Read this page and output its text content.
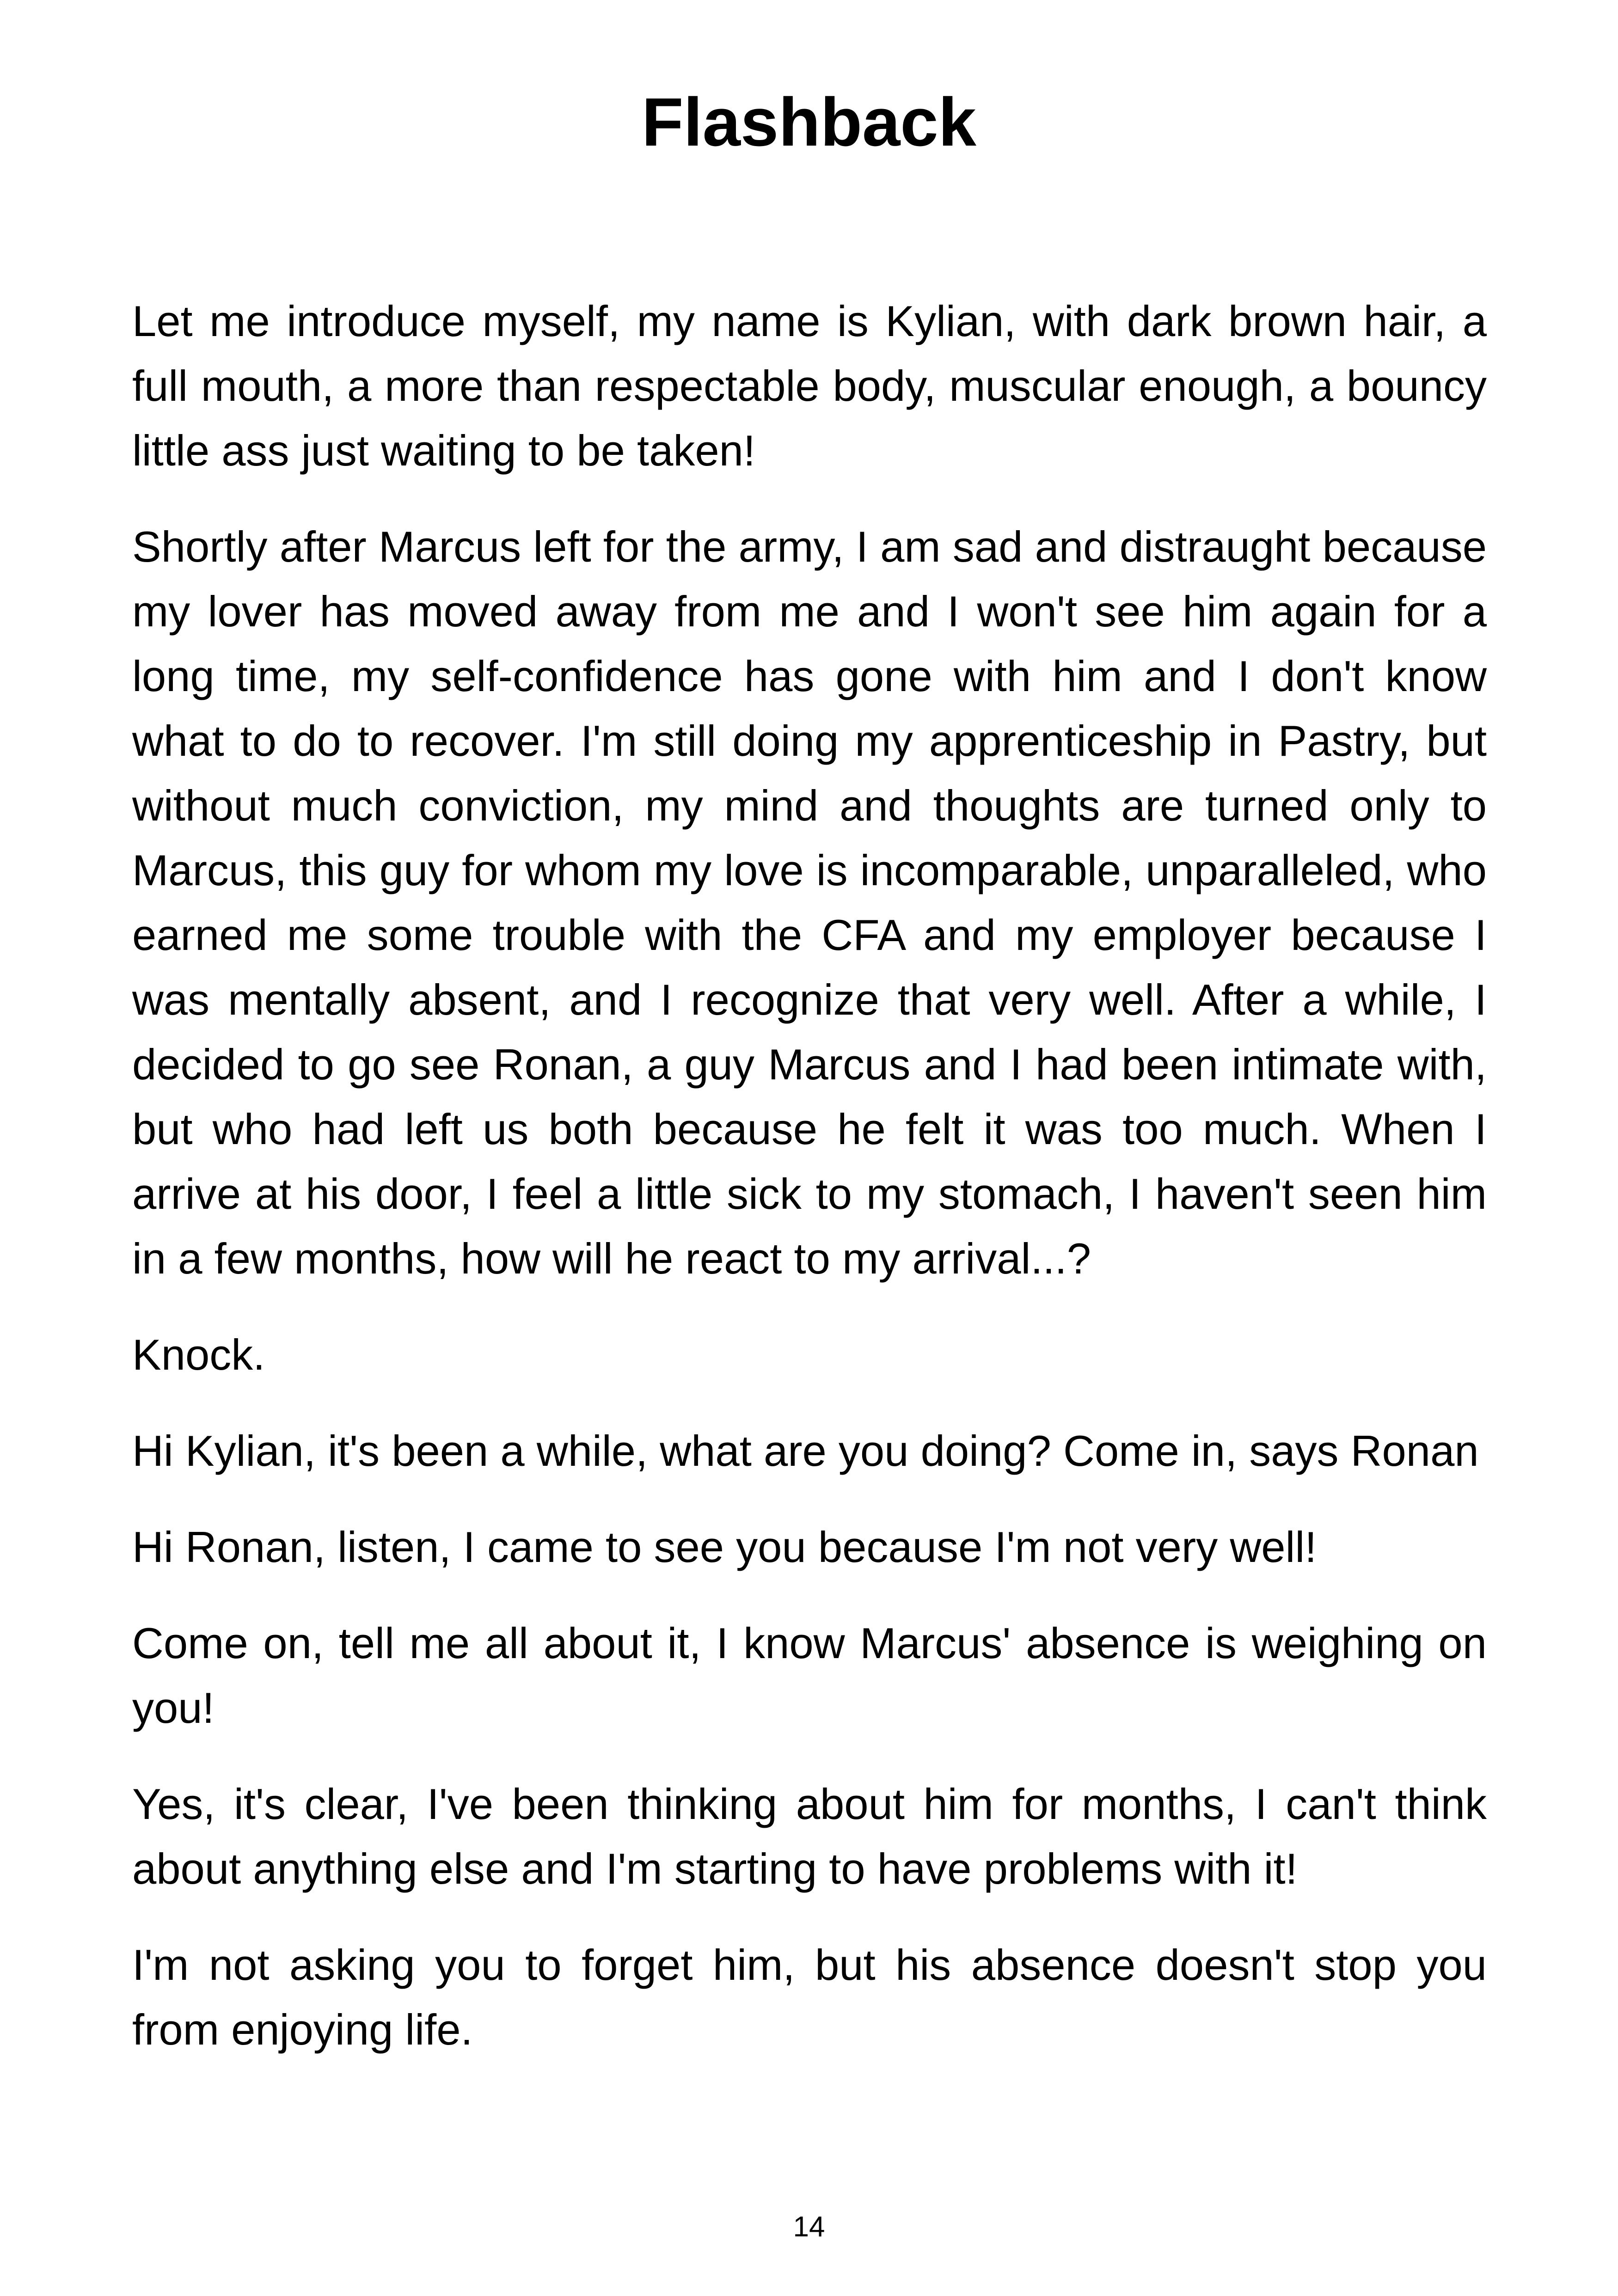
Flashback

Let me introduce myself, my name is Kylian, with dark brown hair, a full mouth, a more than respectable body, muscular enough, a bouncy little ass just waiting to be taken!

Shortly after Marcus left for the army, I am sad and distraught because my lover has moved away from me and I won't see him again for a long time, my self-confidence has gone with him and I don't know what to do to recover. I'm still doing my apprenticeship in Pastry, but without much conviction, my mind and thoughts are turned only to Marcus, this guy for whom my love is incomparable, unparalleled, who earned me some trouble with the CFA and my employer because I was mentally absent, and I recognize that very well. After a while, I decided to go see Ronan, a guy Marcus and I had been intimate with, but who had left us both because he felt it was too much. When I arrive at his door, I feel a little sick to my stomach, I haven't seen him in a few months, how will he react to my arrival...?

Knock.

Hi Kylian, it's been a while, what are you doing? Come in, says Ronan

Hi Ronan, listen, I came to see you because I'm not very well!

Come on, tell me all about it, I know Marcus' absence is weighing on you!

Yes, it's clear, I've been thinking about him for months, I can't think about anything else and I'm starting to have problems with it!

I'm not asking you to forget him, but his absence doesn't stop you from enjoying life.

14
